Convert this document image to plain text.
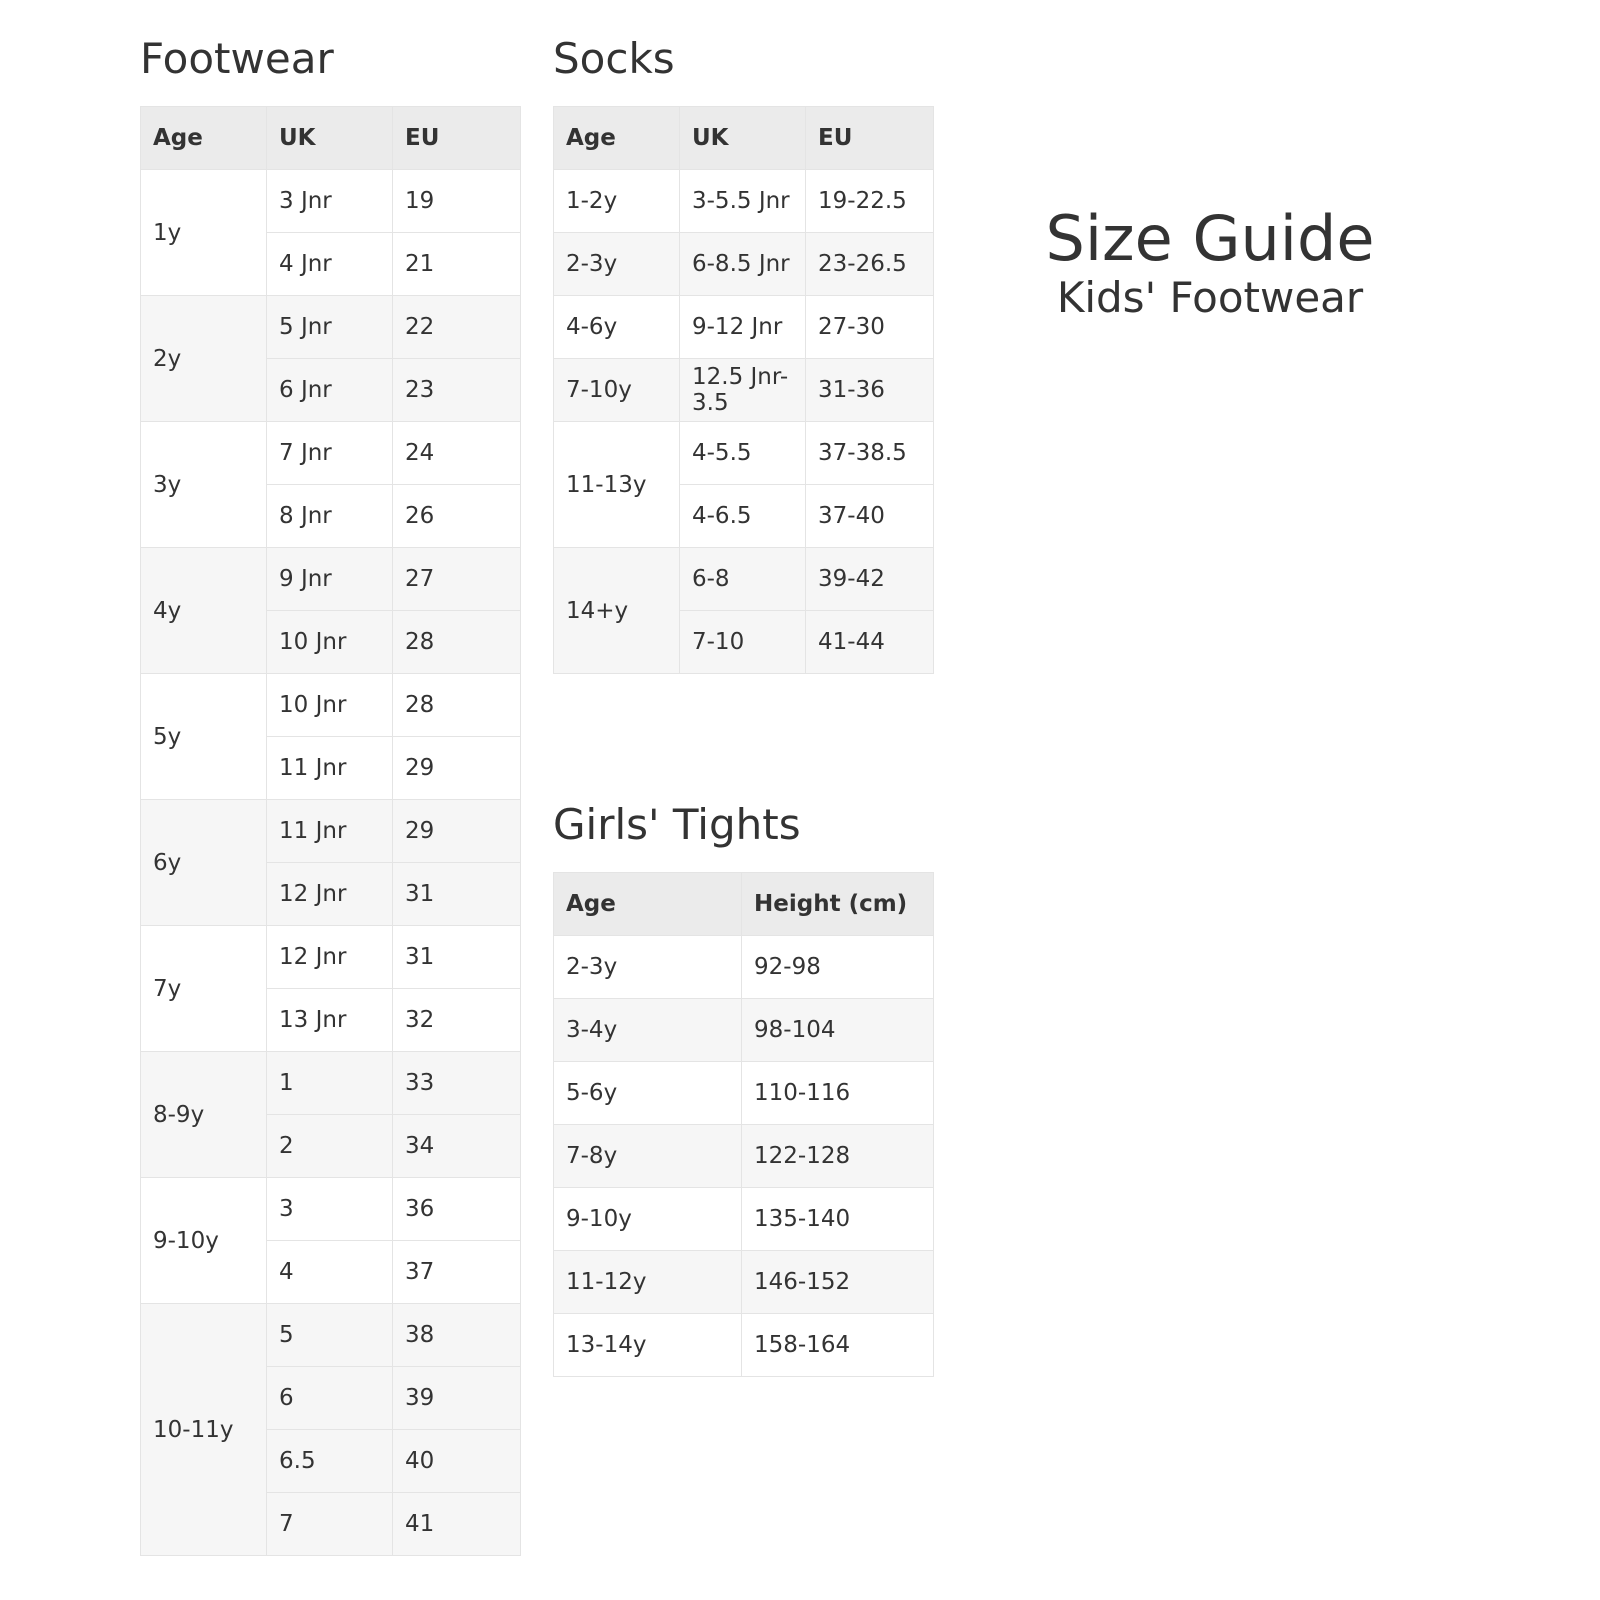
Footwear
Age	UK	EU
1y	3 Jnr	19
	4 Jnr	21
2y	5 Jnr	22
	6 Jnr	23
3y	7 Jnr	24
	8 Jnr	26
4y	9 Jnr	27
	10 Jnr	28
5y	10 Jnr	28
	11 Jnr	29
6y	11 Jnr	29
	12 Jnr	31
7y	12 Jnr	31
	13 Jnr	32
8-9y	1	33
	2	34
9-10y	3	36
	4	37
10-11y	5	38
	6	39
	6.5	40
	7	41
Socks
Age	UK	EU
1-2y	3-5.5 Jnr	19-22.5
2-3y	6-8.5 Jnr	23-26.5
4-6y	9-12 Jnr	27-30
7-10y	12.5 Jnr-3.5	31-36
11-13y	4-5.5	37-38.5
	4-6.5	37-40
14+y	6-8	39-42
	7-10	41-44
Girls' Tights
Age	Height (cm)
2-3y	92-98
3-4y	98-104
5-6y	110-116
7-8y	122-128
9-10y	135-140
11-12y	146-152
13-14y	158-164
Size Guide
Kids' Footwear
